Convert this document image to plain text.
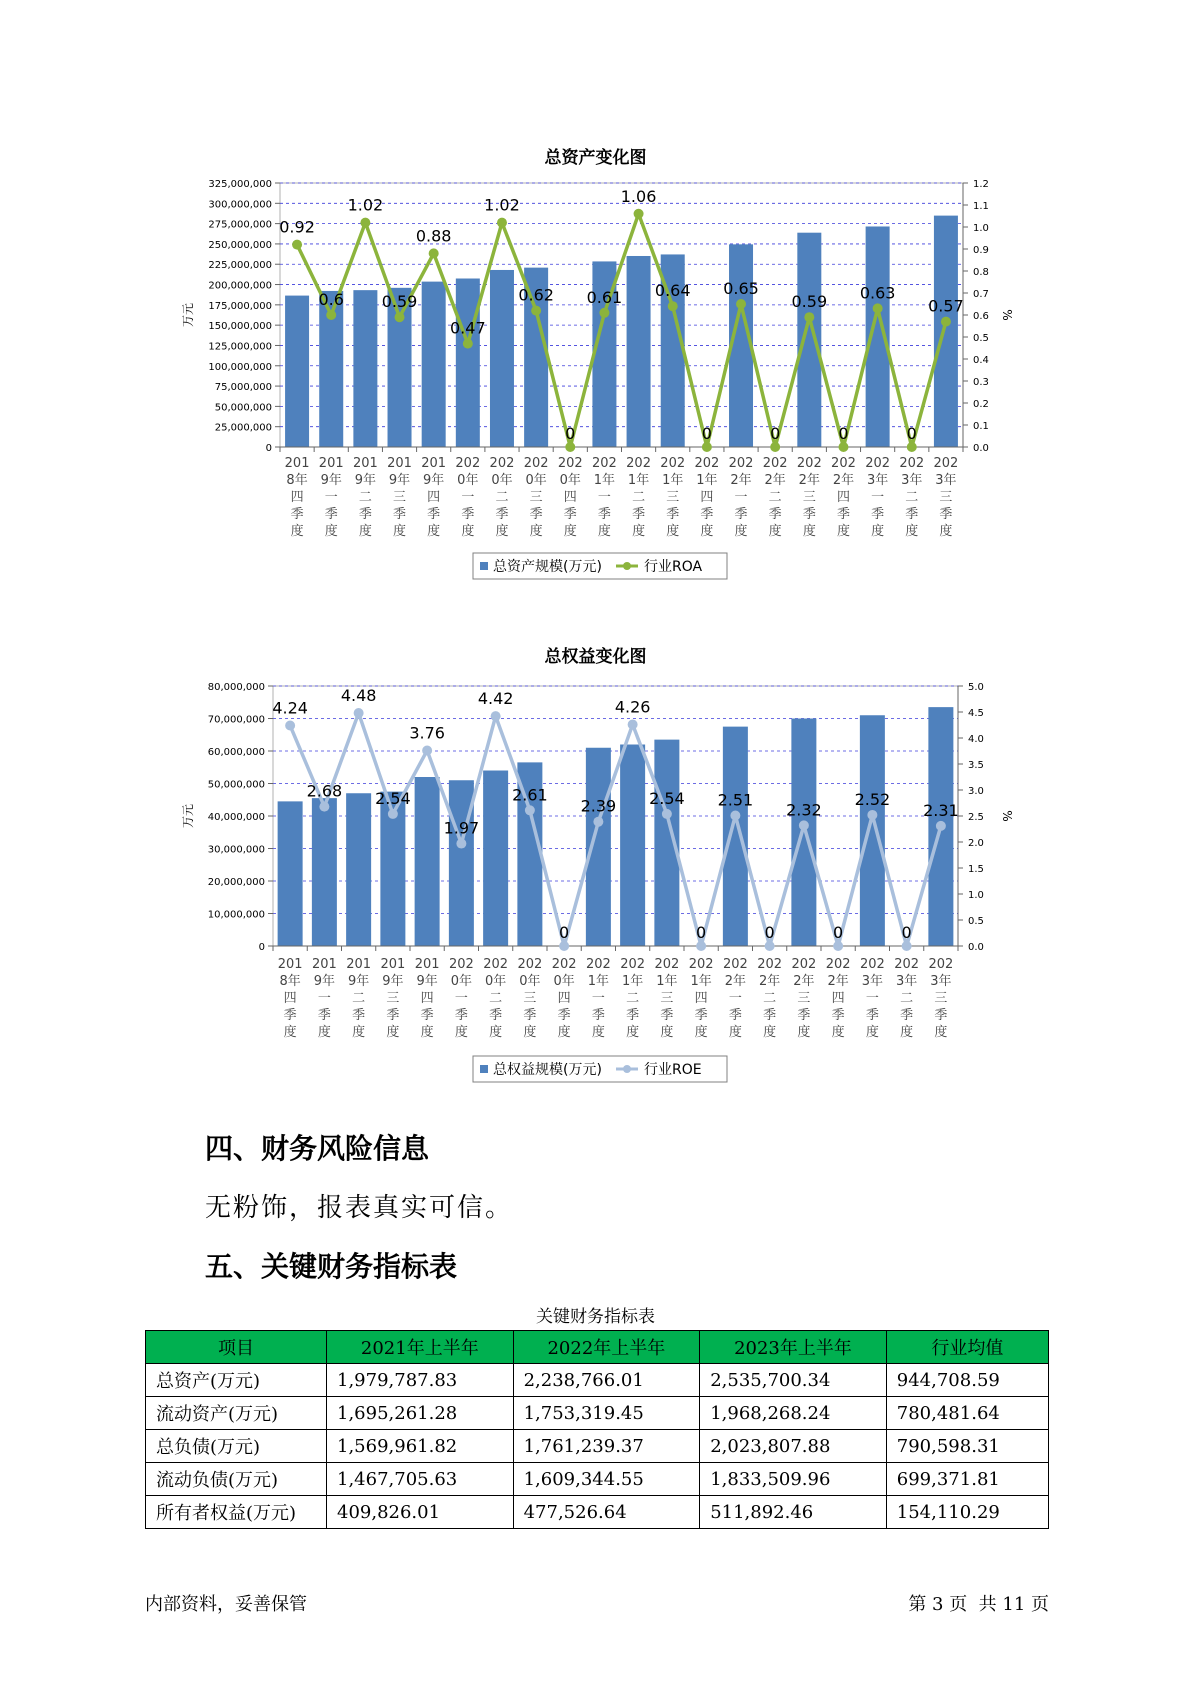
总资产变化图
325,000,000
300,000,000
275,000,000
250,000,000
225,000,000
200,000,000
175,000,000
150,000,000
125,000,000
100,000,000
75,000,000
50,000,000
25,000,000
0
1.2
1.1
1.0
0.9
0.8
0.7
0.6
0.5
0.4
0.3
0.2
0.1
0.0
万元	%
0.92
0.6
1.02
0.59
0.88
0.47
1.02
0.62
0
0.61
1.06
0.64
0
0.65
0
0.59
0
0.63
0
0.57
201
8年
四
季
度
201
9年
一
季
度
201
9年
二
季
度
201
9年
三
季
度
201
9年
四
季
度
202
0年
一
季
度
202
0年
二
季
度
202
0年
三
季
度
202
0年
四
季
度
202
1年
一
季
度
202
1年
二
季
度
202
1年
三
季
度
202
1年
四
季
度
202
2年
一
季
度
202
2年
二
季
度
202
2年
三
季
度
202
2年
四
季
度
202
3年
一
季
度
202
3年
二
季
度
202
3年
三
季
度
总资产规模(万元)	行业ROA
总权益变化图
80,000,000
70,000,000
60,000,000
50,000,000
40,000,000
30,000,000
20,000,000
10,000,000
0
5.0
4.5
4.0
3.5
3.0
2.5
2.0
1.5
1.0
0.5
0.0
万元	%
4.24
2.68
4.48
2.54
3.76
1.97
4.42
2.61
0
2.39
4.26
2.54
0
2.51
0
2.32
0
2.52
0
2.31
201
8年
四
季
度
201
9年
一
季
度
201
9年
二
季
度
201
9年
三
季
度
201
9年
四
季
度
202
0年
一
季
度
202
0年
二
季
度
202
0年
三
季
度
202
0年
四
季
度
202
1年
一
季
度
202
1年
二
季
度
202
1年
三
季
度
202
1年
四
季
度
202
2年
一
季
度
202
2年
二
季
度
202
2年
三
季
度
202
2年
四
季
度
202
3年
一
季
度
202
3年
二
季
度
202
3年
三
季
度
总权益规模(万元)	行业ROE
四、财务风险信息
无粉饰，报表真实可信。
五、关键财务指标表
关键财务指标表
项目	2021年上半年	2022年上半年	2023年上半年	行业均值
总资产(万元)	1,979,787.83	2,238,766.01	2,535,700.34	944,708.59
流动资产(万元)	1,695,261.28	1,753,319.45	1,968,268.24	780,481.64
总负债(万元)	1,569,961.82	1,761,239.37	2,023,807.88	790,598.31
流动负债(万元)	1,467,705.63	1,609,344.55	1,833,509.96	699,371.81
所有者权益(万元)	409,826.01	477,526.64	511,892.46	154,110.29
内部资料，妥善保管	第 3 页  共 11 页
